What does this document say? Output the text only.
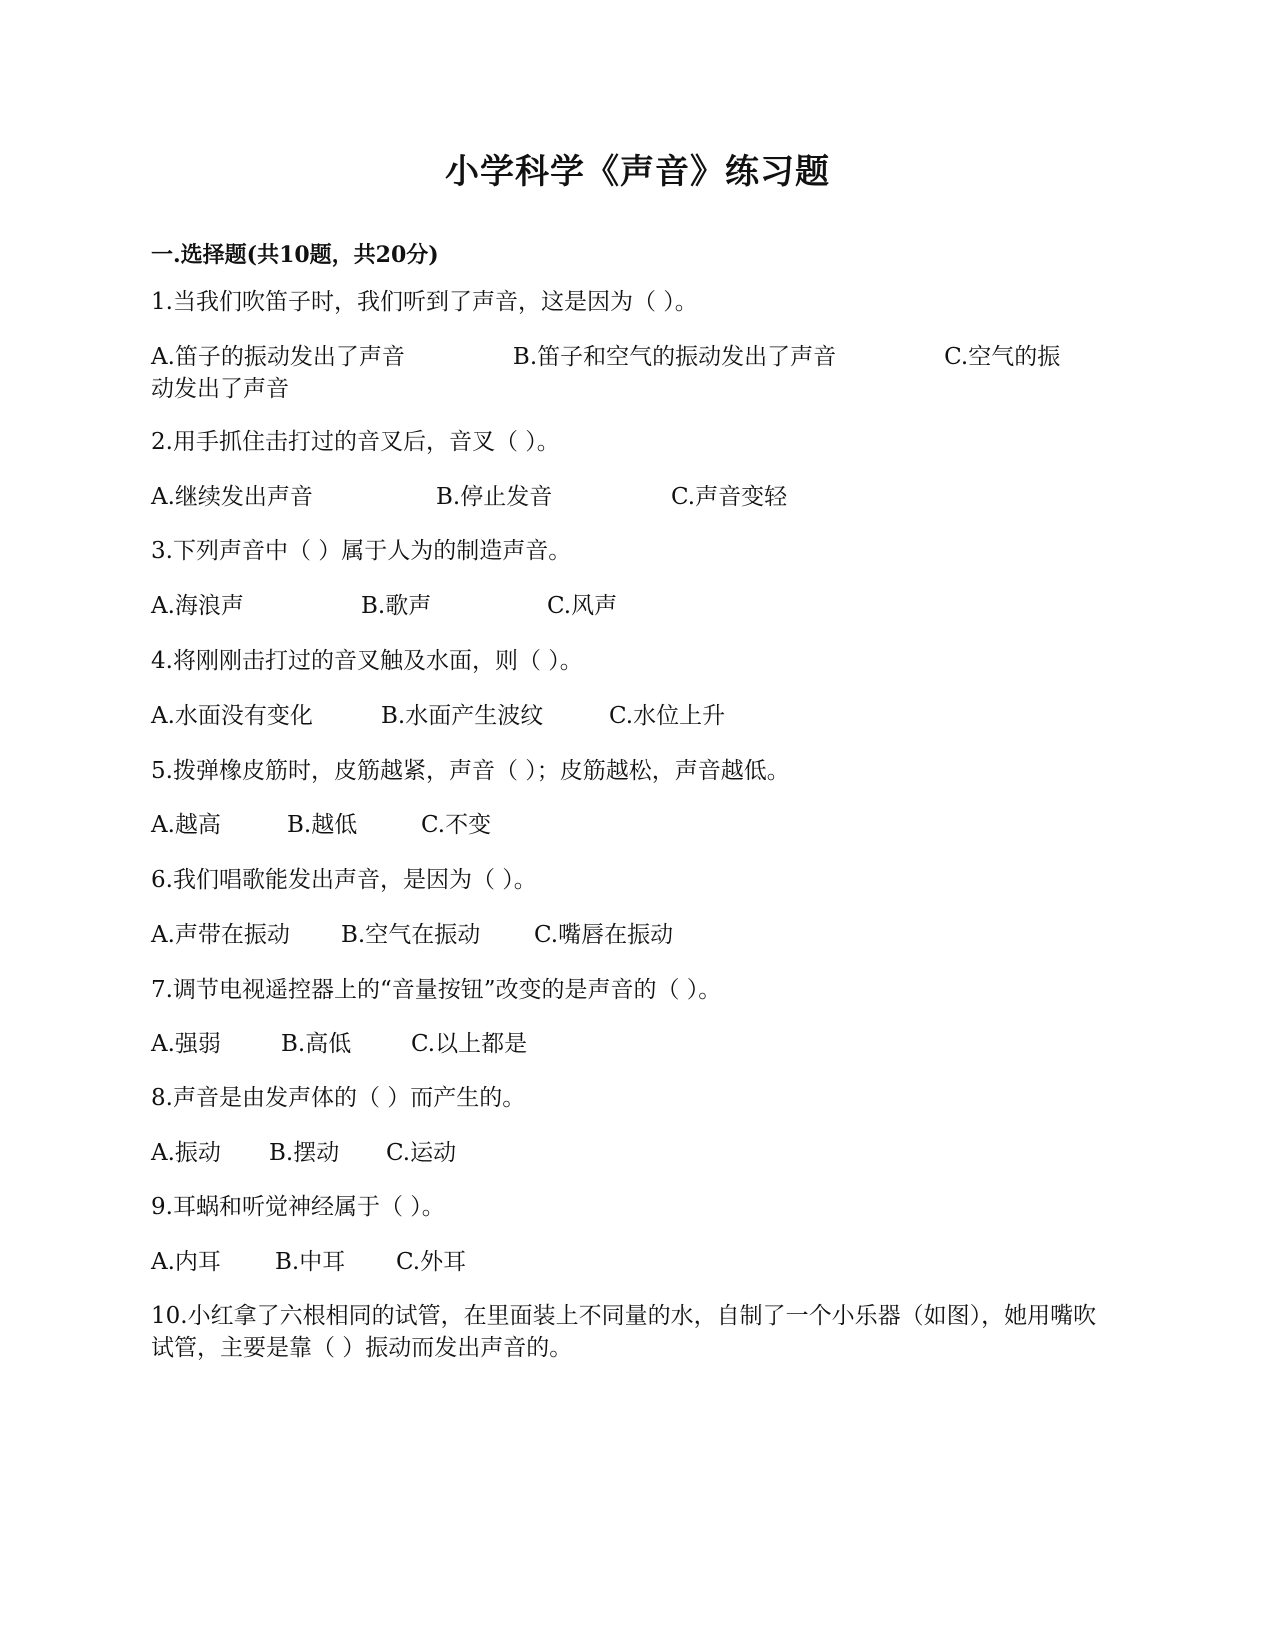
小学科学《声音》练习题
一.选择题(共10题，共20分)
1.当我们吹笛子时，我们听到了声音，这是因为（ ）。
A.笛子的振动发出了声音	B.笛子和空气的振动发出了声音	C.空气的振动发出了声音
2.用手抓住击打过的音叉后，音叉（ ）。
A.继续发出声音	B.停止发音	C.声音变轻
3.下列声音中（ ）属于人为的制造声音。
A.海浪声	B.歌声	C.风声
4.将刚刚击打过的音叉触及水面，则（ ）。
A.水面没有变化	B.水面产生波纹	C.水位上升
5.拨弹橡皮筋时，皮筋越紧，声音（ ）；皮筋越松，声音越低。
A.越高	B.越低	C.不变
6.我们唱歌能发出声音，是因为（ ）。
A.声带在振动 B.空气在振动 C.嘴唇在振动
7.调节电视遥控器上的“音量按钮”改变的是声音的（ ）。
A.强弱	B.高低	C.以上都是
8.声音是由发声体的（ ）而产生的。
A.振动 B.摆动 C.运动
9.耳蜗和听觉神经属于（ ）。
A.内耳 B.中耳 C.外耳
10.小红拿了六根相同的试管，在里面装上不同量的水，自制了一个小乐器（如图），她用嘴吹试管，主要是靠（ ）振动而发出声音的。
